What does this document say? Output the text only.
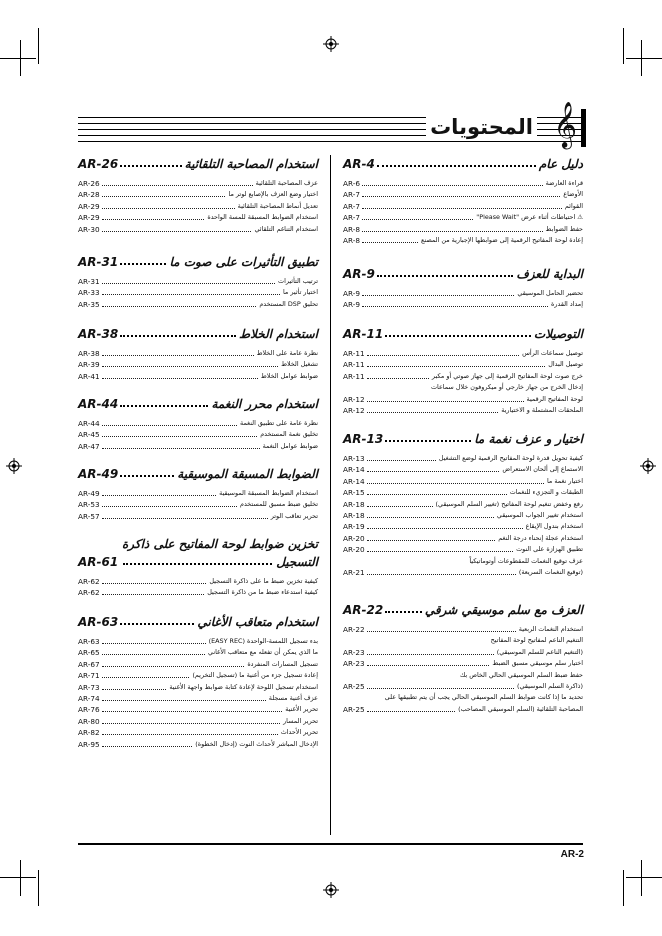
المحتويات 𝄞
استخدام المصاحبة التلقائية
AR-26
عزف المصاحبة التلقائية
AR-26
اختيار وضع العزف بالإصابع لوتر ما
AR-28
تعديل أنماط المصاحبة التلقائية
AR-29
استخدام الضوابط المسبقة للمسة الواحدة
AR-29
استخدام التناغم التلقائي
AR-30
تطبيق التأثيرات على صوت ما
AR-31
ترتيب التأثيرات
AR-31
اختيار تأثير ما
AR-33
تحليق DSP المستخدم
AR-35
استخدام الخلاط
AR-38
نظرة عامة على الخلاط
AR-38
تشغيل الخلاط
AR-39
ضوابط عوامل الخلاط
AR-41
استخدام محرر النغمة
AR-44
نظرة عامة على تطبيق النغمة
AR-44
تخليق نغمة المستخدم
AR-45
ضوابط عوامل النغمة
AR-47
الضوابط المسبقة الموسيقية
AR-49
استخدام الضوابط المسبقة الموسيقية
AR-49
تخليق ضبط مسبق للمستخدم
AR-53
تحرير تعاقب الوتر
AR-57
تخزين ضوابط لوحة المفاتيح على ذاكرة
التسجيل
AR-61
كيفية تخزين ضبط ما على ذاكرة التسجيل
AR-62
كيفية استدعاء ضبط ما من ذاكرة التسجيل
AR-62
استخدام متعاقب الأغاني
AR-63
بدء تسجيل اللمسة-الواحدة (EASY REC)
AR-63
ما الذي يمكن أن تفعله مع متعاقب الأغاني
AR-65
تسجيل المسارات المنفردة
AR-67
إعادة تسجيل جزء من أغنية ما (تسجيل التخريم)
AR-71
استخدام تسجيل اللوحة لإعادة كتابة ضوابط واجهة الأغنية
AR-73
عزف أغنية مسجلة
AR-74
تحرير الأغنية
AR-76
تحرير المسار
AR-80
تحرير الأحداث
AR-82
الإدخال المباشر لأحداث النوت (إدخال الخطوة)
AR-95
دليل عام
AR-4
قراءة العارضة
AR-6
الأوضاع
AR-7
القوائم
AR-7
⚠ احتياطات أثناء عرض "Please Wait"
AR-7
حفظ الضوابط
AR-8
إعادة لوحة المفاتيح الرقمية إلى ضوابطها الإجبارية من المصنع
AR-8
البداية للعزف
AR-9
تحضير الحامل الموسيقي
AR-9
إمداد القدرة
AR-9
التوصيلات
AR-11
توصيل سماعات الرأس
AR-11
توصيل البدال
AR-11
خرج صوت لوحة المفاتيح الرقمية إلى جهاز صوتي أو مكبر
AR-11
إدخال الخرج من جهاز خارجي أو ميكروفون خلال سماعات
لوحة المفاتيح الرقمية
AR-12
الملحقات المشتملة و الاختيارية
AR-12
اختيار و عزف نغمة ما
AR-13
كيفية تحويل قدرة لوحة المفاتيح الرقمية لوضع التشغيل
AR-13
الاستماع إلى ألحان الاستعراض
AR-14
اختيار نغمة ما
AR-14
الطبقات و التجزيء للنغمات
AR-15
رفع وخفض تنغيم لوحة المفاتيح (تغيير السلم الموسيقي)
AR-18
استخدام تغيير الجواب الموسيقي
AR-18
استخدام بندول الإيقاع
AR-19
استخدام عجلة إنحناء درجة النغم
AR-20
تطبيق الهزازة على النوت
AR-20
عزف توقيع النغمات للمقطوعات أوتوماتيكياً
(توقيع النغمات السريعة)
AR-21
العزف مع سلم موسيقي شرقي
AR-22
استخدام النغمات الربعية
AR-22
التنغيم الناعم لمفاتيح لوحة المفاتيح
(التنغيم الناعم للسلم الموسيقي)
AR-23
اختيار سلم موسيقي مسبق الضبط
AR-23
حفظ ضبط السلم الموسيقي الحالي الخاص بك
(ذاكرة السلم الموسيقي)
AR-25
تحديد ما إذا كانت ضوابط السلم الموسيقي الحالي يجب أن يتم تطبيقها على
المصاحبة التلقائية (السلم الموسيقي المصاحب)
AR-25
AR-2
